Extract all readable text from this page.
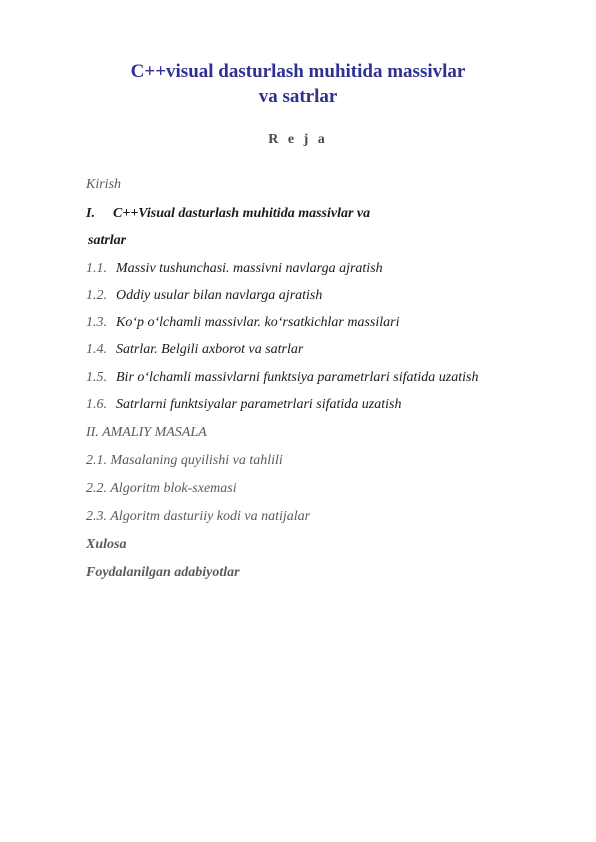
C++visual dasturlash muhitida massivlar
va satrlar
R e j a
Kirish
I. C++Visual dasturlash muhitida massivlar va
satrlar
1.1. Massiv tushunchasi. massivni navlarga ajratish
1.2. Oddiy usular bilan navlarga ajratish
1.3. Ko‘p o‘lchamli massivlar. ko‘rsatkichlar massilari
1.4. Satrlar. Belgili axborot va satrlar
1.5. Bir o‘lchamli massivlarni funktsiya parametrlari sifatida uzatish
1.6. Satrlarni funktsiyalar parametrlari sifatida uzatish
II. AMALIY MASALA
2.1. Masalaning quyilishi va tahlili
2.2. Algoritm blok-sxemasi
2.3. Algoritm dasturiiy kodi va natijalar
Xulosa
Foydalanilgan adabiyotlar
